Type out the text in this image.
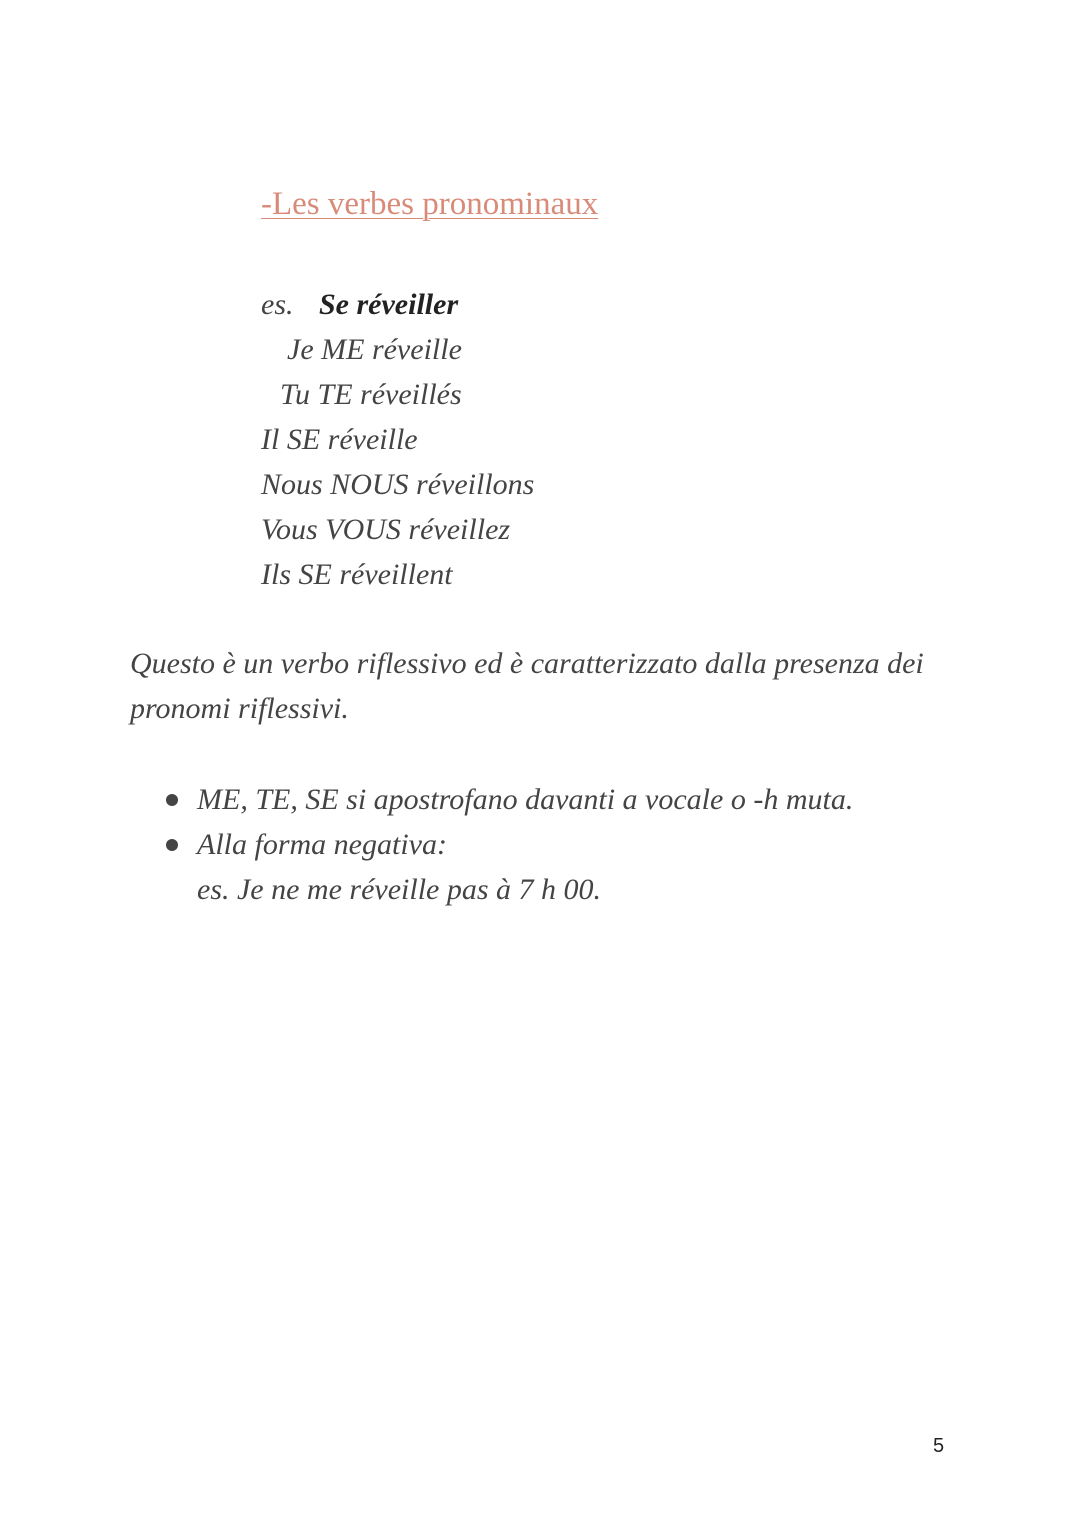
-Les verbes pronominaux
es. Se réveiller
Je ME réveille
Tu TE réveillés
Il SE réveille
Nous NOUS réveillons
Vous VOUS réveillez
Ils SE réveillent
Questo è un verbo riflessivo ed è caratterizzato dalla presenza dei pronomi riflessivi.
ME, TE, SE si apostrofano davanti a vocale o -h muta.
Alla forma negativa:
es. Je ne me réveille pas à 7 h 00.
5
